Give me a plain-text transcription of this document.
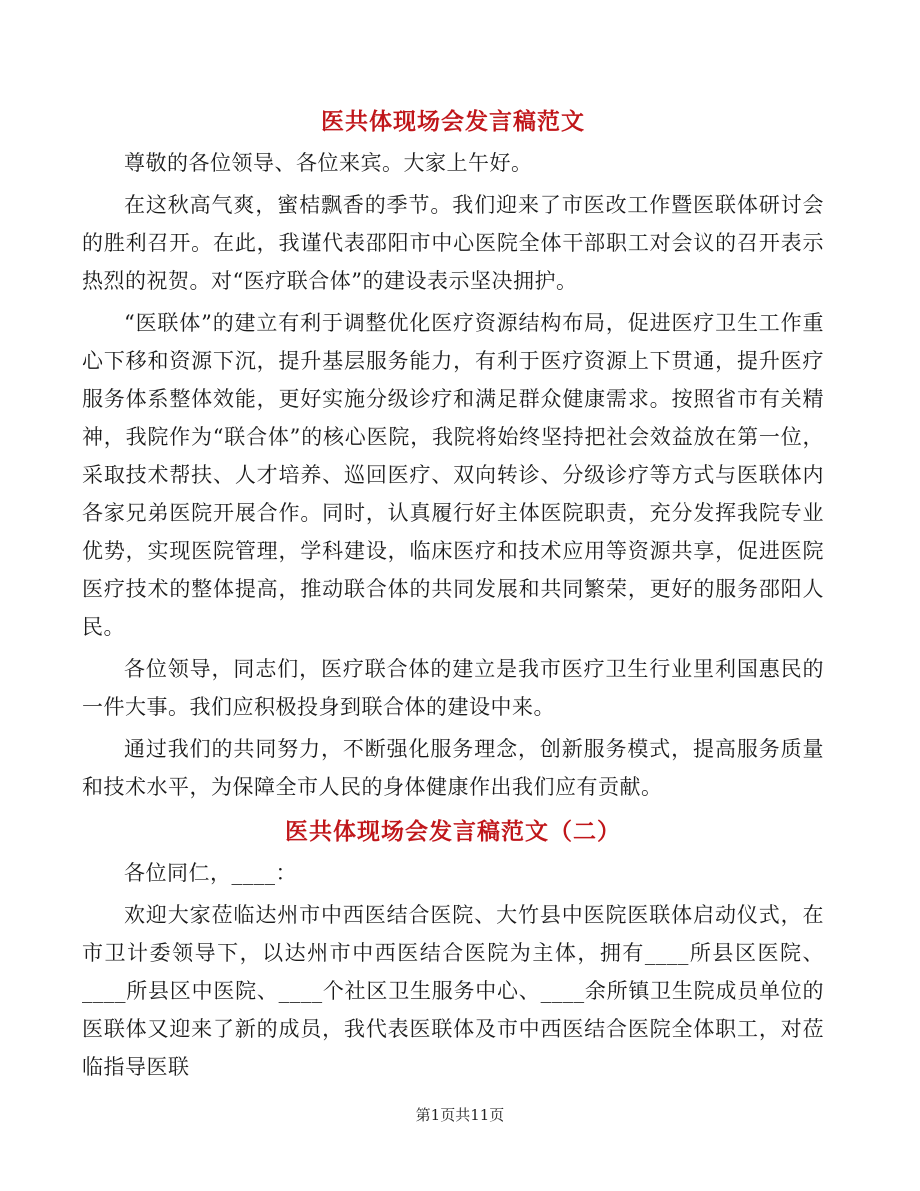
医共体现场会发言稿范文

尊敬的各位领导、各位来宾。大家上午好。

在这秋高气爽，蜜桔飘香的季节。我们迎来了市医改工作暨医联体研讨会的胜利召开。在此，我谨代表邵阳市中心医院全体干部职工对会议的召开表示热烈的祝贺。对“医疗联合体”的建设表示坚决拥护。

“医联体”的建立有利于调整优化医疗资源结构布局，促进医疗卫生工作重心下移和资源下沉，提升基层服务能力，有利于医疗资源上下贯通，提升医疗服务体系整体效能，更好实施分级诊疗和满足群众健康需求。按照省市有关精神，我院作为“联合体”的核心医院，我院将始终坚持把社会效益放在第一位，采取技术帮扶、人才培养、巡回医疗、双向转诊、分级诊疗等方式与医联体内各家兄弟医院开展合作。同时，认真履行好主体医院职责，充分发挥我院专业优势，实现医院管理，学科建设，临床医疗和技术应用等资源共享，促进医院医疗技术的整体提高，推动联合体的共同发展和共同繁荣，更好的服务邵阳人民。

各位领导，同志们，医疗联合体的建立是我市医疗卫生行业里利国惠民的一件大事。我们应积极投身到联合体的建设中来。

通过我们的共同努力，不断强化服务理念，创新服务模式，提高服务质量和技术水平，为保障全市人民的身体健康作出我们应有贡献。

医共体现场会发言稿范文（二）

各位同仁，____：

欢迎大家莅临达州市中西医结合医院、大竹县中医院医联体启动仪式，在市卫计委领导下，以达州市中西医结合医院为主体，拥有____所县区医院、____所县区中医院、____个社区卫生服务中心、____余所镇卫生院成员单位的医联体又迎来了新的成员，我代表医联体及市中西医结合医院全体职工，对莅临指导医联

第1页共11页
